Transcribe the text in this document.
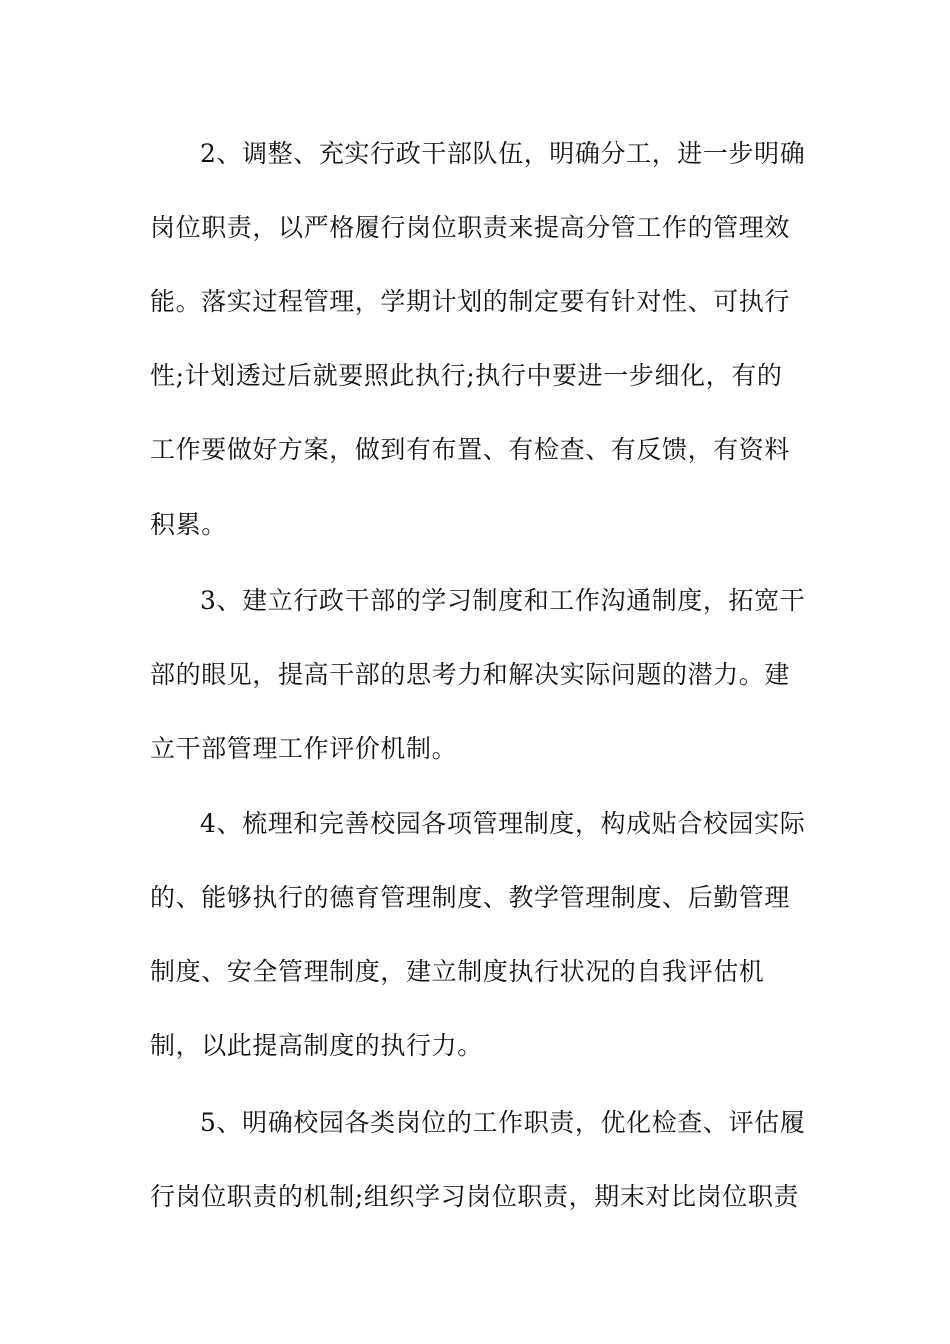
2、调整、充实行政干部队伍，明确分工，进一步明确
岗位职责，以严格履行岗位职责来提高分管工作的管理效
能。落实过程管理，学期计划的制定要有针对性、可执行
性;计划透过后就要照此执行;执行中要进一步细化，有的
工作要做好方案，做到有布置、有检查、有反馈，有资料
积累。
3、建立行政干部的学习制度和工作沟通制度，拓宽干
部的眼见，提高干部的思考力和解决实际问题的潜力。建
立干部管理工作评价机制。
4、梳理和完善校园各项管理制度，构成贴合校园实际
的、能够执行的德育管理制度、教学管理制度、后勤管理
制度、安全管理制度，建立制度执行状况的自我评估机
制，以此提高制度的执行力。
5、明确校园各类岗位的工作职责，优化检查、评估履
行岗位职责的机制;组织学习岗位职责，期末对比岗位职责
